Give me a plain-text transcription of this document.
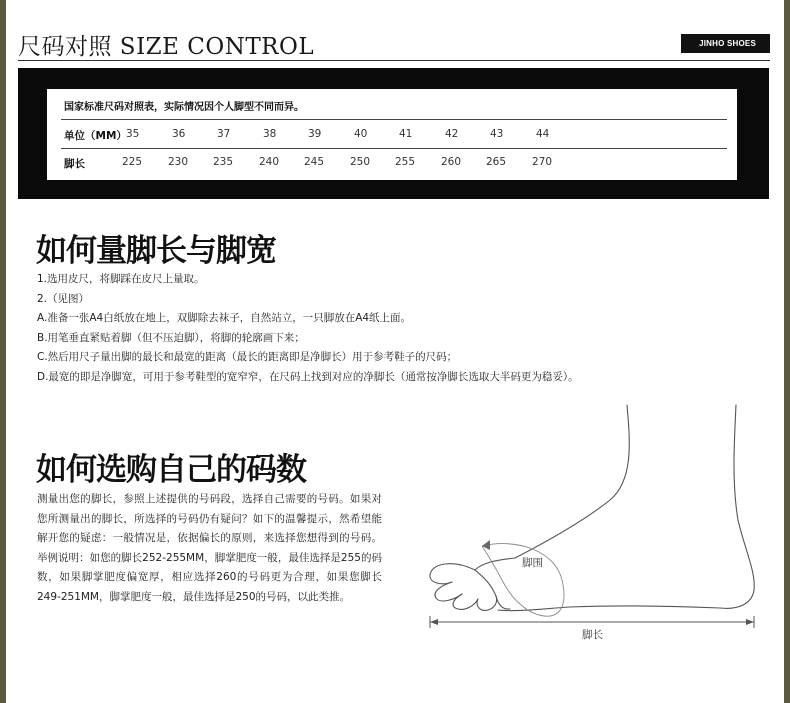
尺码对照 SIZE CONTROL	JINHO SHOES
国家标准尺码对照表，实际情况因个人脚型不同而异。
单位（MM） 35	36	37	38	39	40	41	42	43	44
脚长	225	230	235	240	245	250	255	260	265	270
如何量脚长与脚宽
1.选用皮尺，将脚踩在皮尺上量取。
2.（见图）
A.准备一张A4白纸放在地上，双脚除去袜子，自然站立，一只脚放在A4纸上面。
B.用笔垂直紧贴着脚（但不压迫脚），将脚的轮廓画下来；
C.然后用尺子量出脚的最长和最宽的距离（最长的距离即是净脚长）用于参考鞋子的尺码；
D.最宽的即是净脚宽，可用于参考鞋型的宽窄窄，在尺码上找到对应的净脚长（通常按净脚长选取大半码更为稳妥）。
如何选购自己的码数
测量出您的脚长，参照上述提供的号码段，选择自己需要的号码。如果对您所测量出的脚长，所选择的号码仍有疑问？如下的温馨提示，然希望能解开您的疑虑：一般情况是，依据偏长的原则，来选择您想得到的号码。举例说明：如您的脚长252-255MM，脚掌肥度一般，最佳选择是255的码数，如果脚掌肥度偏宽厚，相应选择260的号码更为合理，如果您脚长249-251MM，脚掌肥度一般，最佳选择是250的号码，以此类推。
脚围
脚长
